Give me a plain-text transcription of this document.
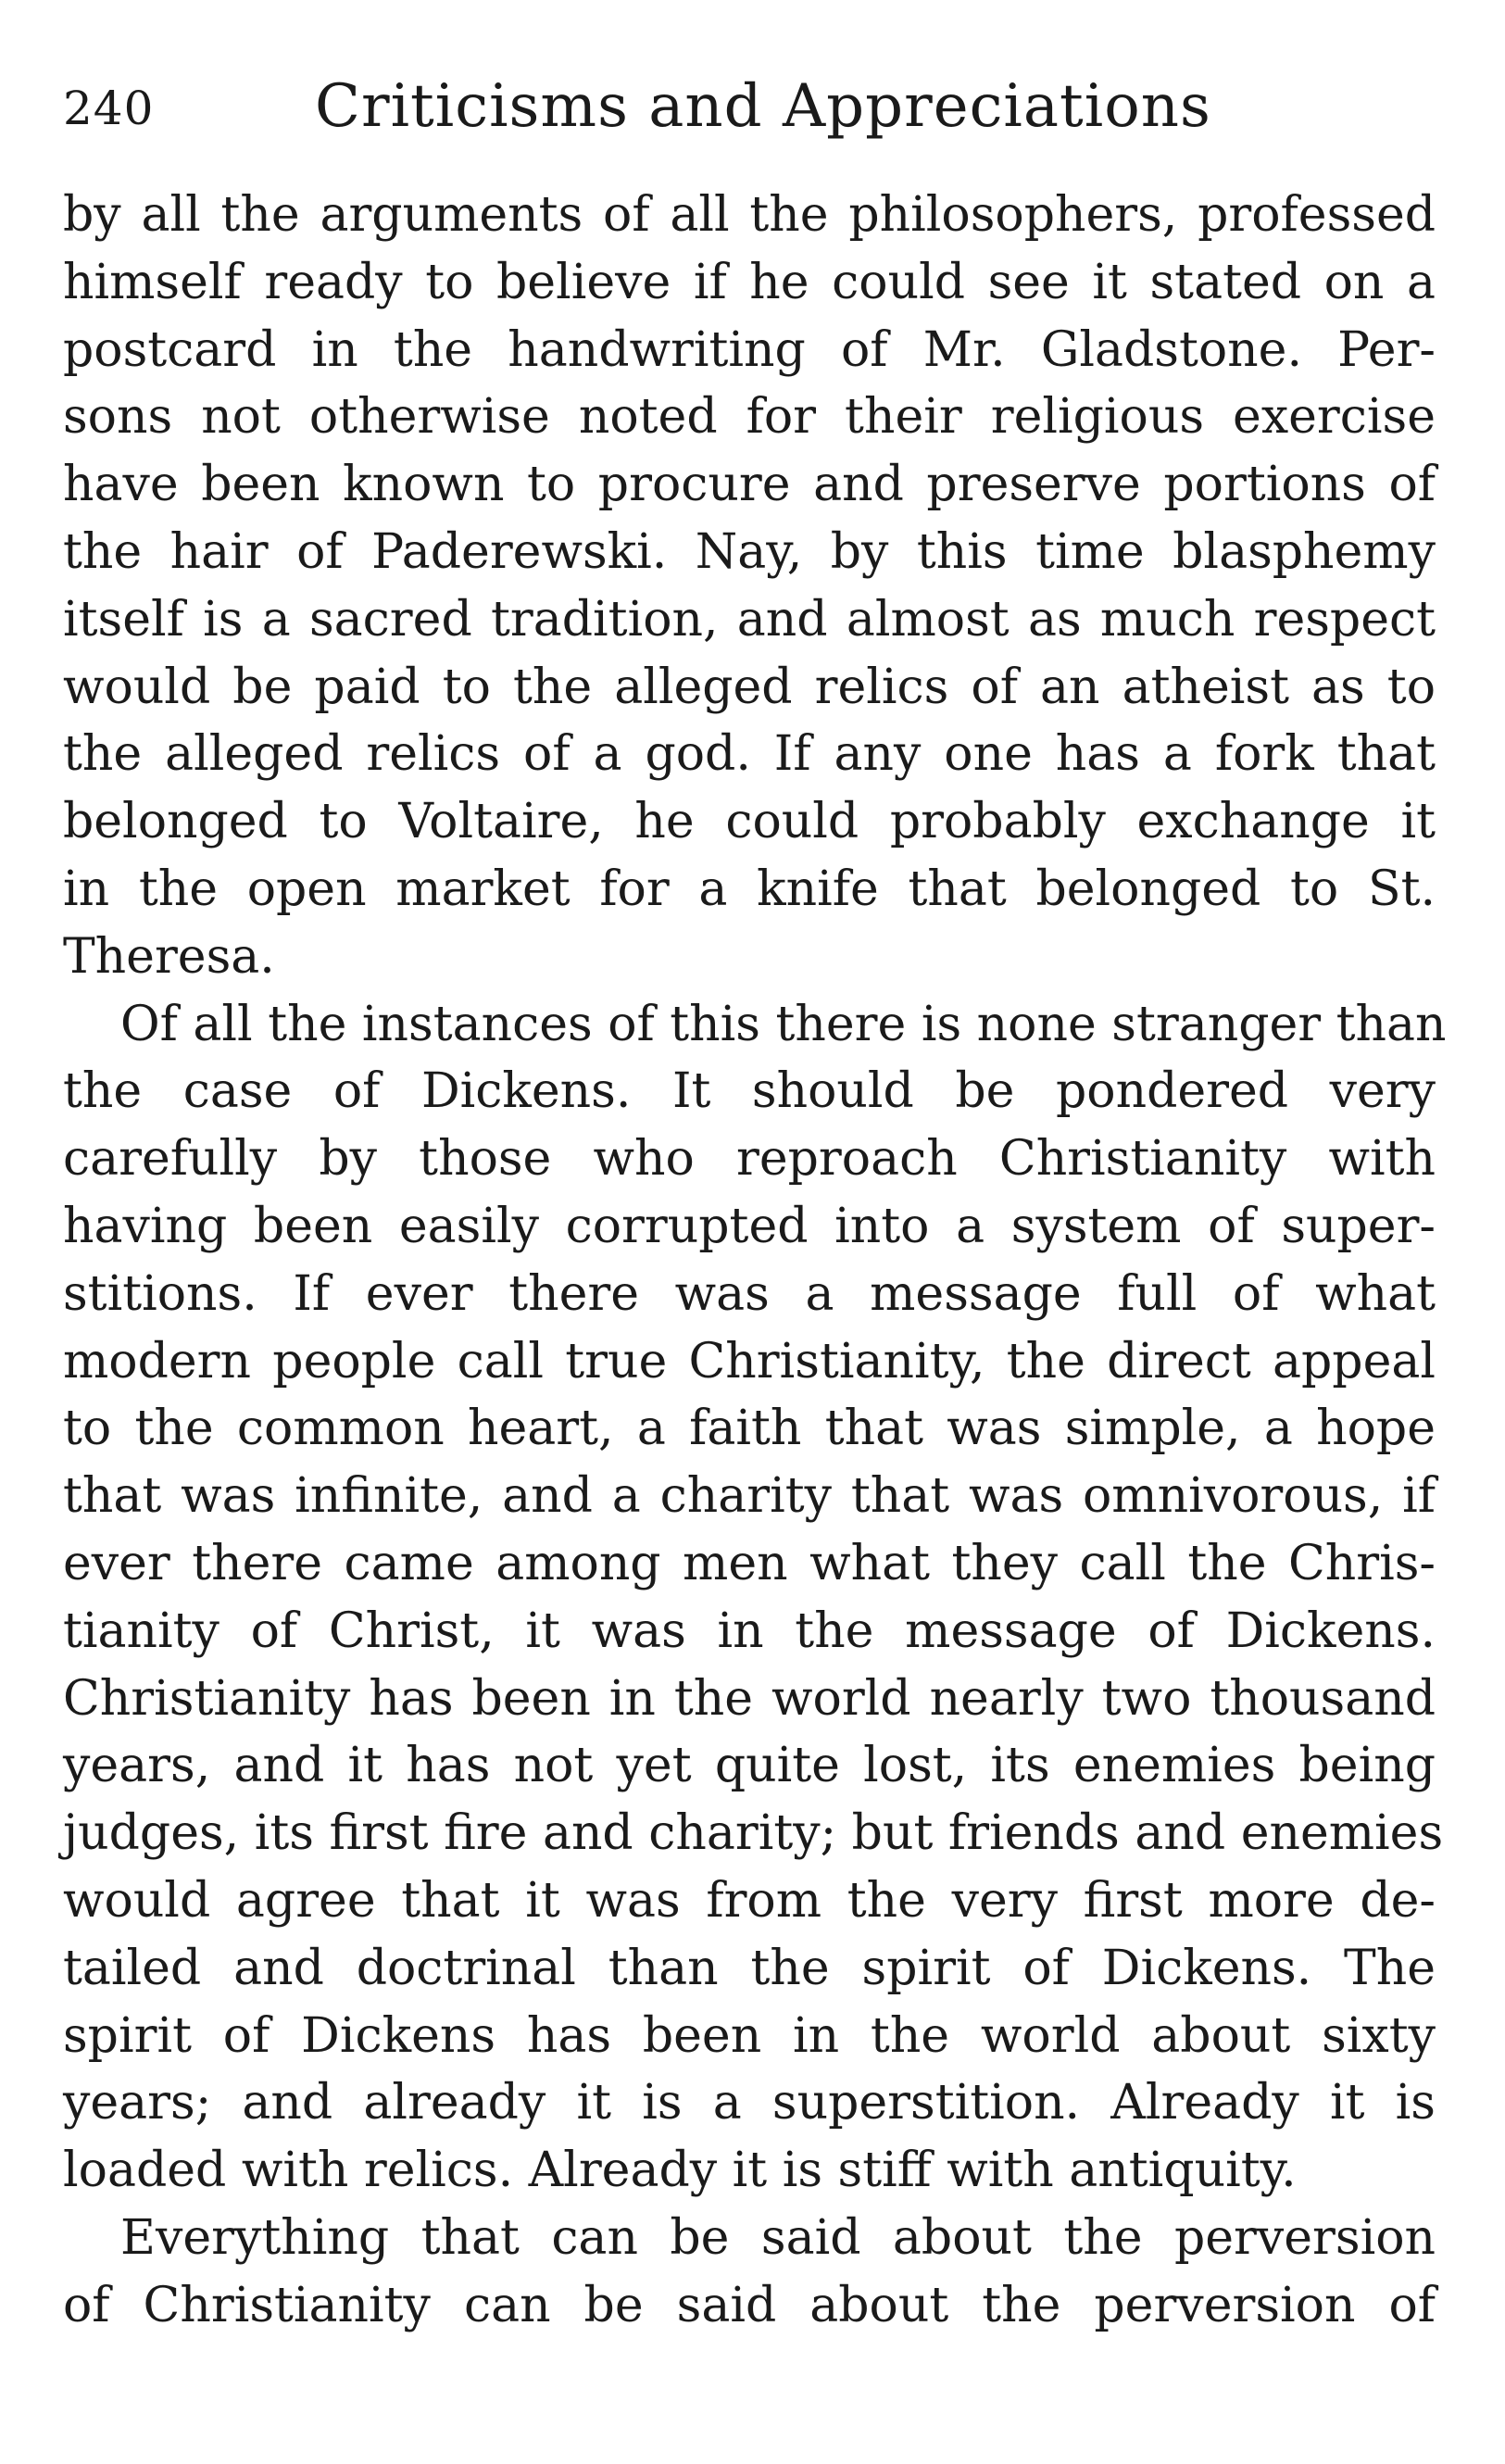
240	Criticisms and Appreciations
by all the arguments of all the philosophers, professed
himself ready to believe if he could see it stated on a
postcard in the handwriting of Mr. Gladstone. Per-
sons not otherwise noted for their religious exercise
have been known to procure and preserve portions of
the hair of Paderewski. Nay, by this time blasphemy
itself is a sacred tradition, and almost as much respect
would be paid to the alleged relics of an atheist as to
the alleged relics of a god. If any one has a fork that
belonged to Voltaire, he could probably exchange it
in the open market for a knife that belonged to St.
Theresa.
Of all the instances of this there is none stranger than
the case of Dickens. It should be pondered very
carefully by those who reproach Christianity with
having been easily corrupted into a system of super-
stitions. If ever there was a message full of what
modern people call true Christianity, the direct appeal
to the common heart, a faith that was simple, a hope
that was infinite, and a charity that was omnivorous, if
ever there came among men what they call the Chris-
tianity of Christ, it was in the message of Dickens.
Christianity has been in the world nearly two thousand
years, and it has not yet quite lost, its enemies being
judges, its first fire and charity; but friends and enemies
would agree that it was from the very first more de-
tailed and doctrinal than the spirit of Dickens. The
spirit of Dickens has been in the world about sixty
years; and already it is a superstition. Already it is
loaded with relics. Already it is stiff with antiquity.
Everything that can be said about the perversion
of Christianity can be said about the perversion of
